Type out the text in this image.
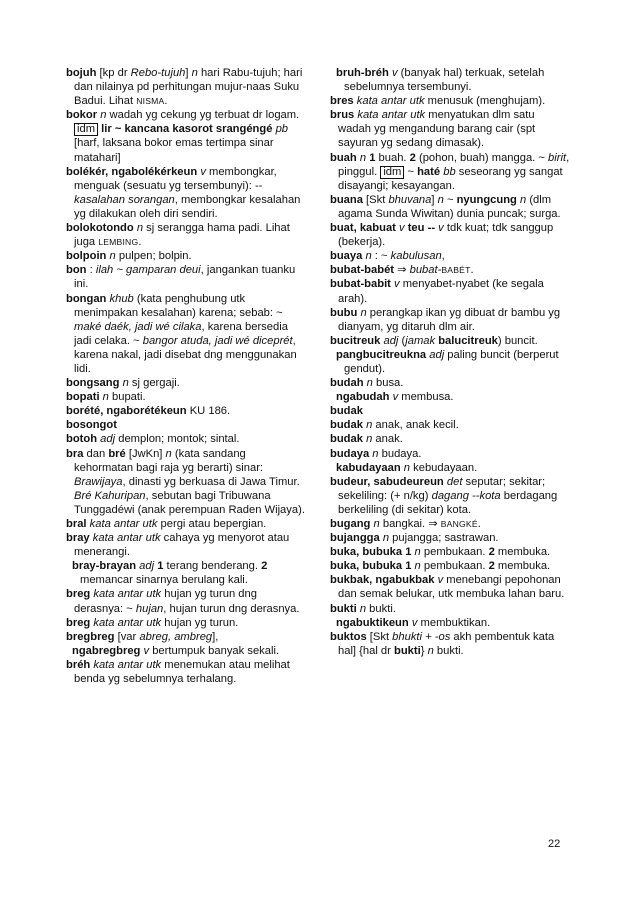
bojuh [kp dr Rebo-tujuh] n hari Rabu-tujuh; hari dan nilainya pd perhitungan mujur-naas Suku Badui. Lihat NISMA.

bokor n wadah yg cekung yg terbuat dr logam. idm lir ~ kancana kasorot srangéngé pb [harf, laksana bokor emas tertimpa sinar matahari]

bolékér, ngabolékérkeun v membongkar, menguak (sesuatu yg tersembunyi): -- kasalahan sorangan, membongkar kesalahan yg dilakukan oleh diri sendiri.

bolokotondo n sj serangga hama padi. Lihat juga LEMBING.

bolpoin n pulpen; bolpin.

bon : ilah ~ gamparan deui, jangankan tuanku ini.

bongan khub (kata penghubung utk menimpakan kesalahan) karena; sebab: ~ maké daék, jadi wé cilaka, karena bersedia jadi celaka. ~ bangor atuda, jadi wé diceprét, karena nakal, jadi disebat dng menggunakan lidi.

bongsang n sj gergaji.

bopati n bupati.

borété, ngaborétékeun KU 186.

bosongot

botoh adj demplon; montok; sintal.

bra dan bré [JwKn] n (kata sandang kehormatan bagi raja yg berarti) sinar: Brawijaya, dinasti yg berkuasa di Jawa Timur. Bré Kahuripan, sebutan bagi Tribuwana Tunggadéwi (anak perempuan Raden Wijaya).

bral kata antar utk pergi atau bepergian.

bray kata antar utk cahaya yg menyorot atau menerangi.

bray-brayan adj 1 terang benderang. 2 memancar sinarnya berulang kali.

breg kata antar utk hujan yg turun dng derasnya: ~ hujan, hujan turun dng derasnya.

breg kata antar utk hujan yg turun.

bregbreg [var abreg, ambreg],

ngabregbreg v bertumpuk banyak sekali.

bréh kata antar utk menemukan atau melihat benda yg sebelumnya terhalang.

bruh-bréh v (banyak hal) terkuak, setelah sebelumnya tersembunyi.

bres kata antar utk menusuk (menghujam).

brus kata antar utk menyatukan dlm satu wadah yg mengandung barang cair (spt sayuran yg sedang dimasak).

buah n 1 buah. 2 (pohon, buah) mangga. ~ birit, pinggul. idm ~ haté bb seseorang yg sangat disayangi; kesayangan.

buana [Skt bhuvana] n ~ nyungcung n (dlm agama Sunda Wiwitan) dunia puncak; surga.

buat, kabuat v teu -- v tdk kuat; tdk sanggup (bekerja).

buaya n : ~ kabulusan,

bubat-babét ⇒ bubat-BABÉT.

bubat-babit v menyabet-nyabet (ke segala arah).

bubu n perangkap ikan yg dibuat dr bambu yg dianyam, yg ditaruh dlm air.

bucitreuk adj (jamak balucitreuk) buncit.

pangbucitreukna adj paling buncit (berperut gendut).

budah n busa.

ngabudah v membusa.

budak

budak n anak, anak kecil.

budak n anak.

budaya n budaya.

kabudayaan n kebudayaan.

budeur, sabudeureun det seputar; sekitar; sekeliling: (+ n/kg) dagang --kota berdagang berkeliling (di sekitar) kota.

bugang n bangkai. ⇒ BANGKÉ.

bujangga n pujangga; sastrawan.

buka, bubuka 1 n pembukaan. 2 membuka.

buka, bubuka 1 n pembukaan. 2 membuka.

bukbak, ngabukbak v menebangi pepohonan dan semak belukar, utk membuka lahan baru.

bukti n bukti.

ngabuktikeun v membuktikan.

buktos [Skt bhukti + -os akh pembentuk kata hal] {hal dr bukti} n bukti.

22
